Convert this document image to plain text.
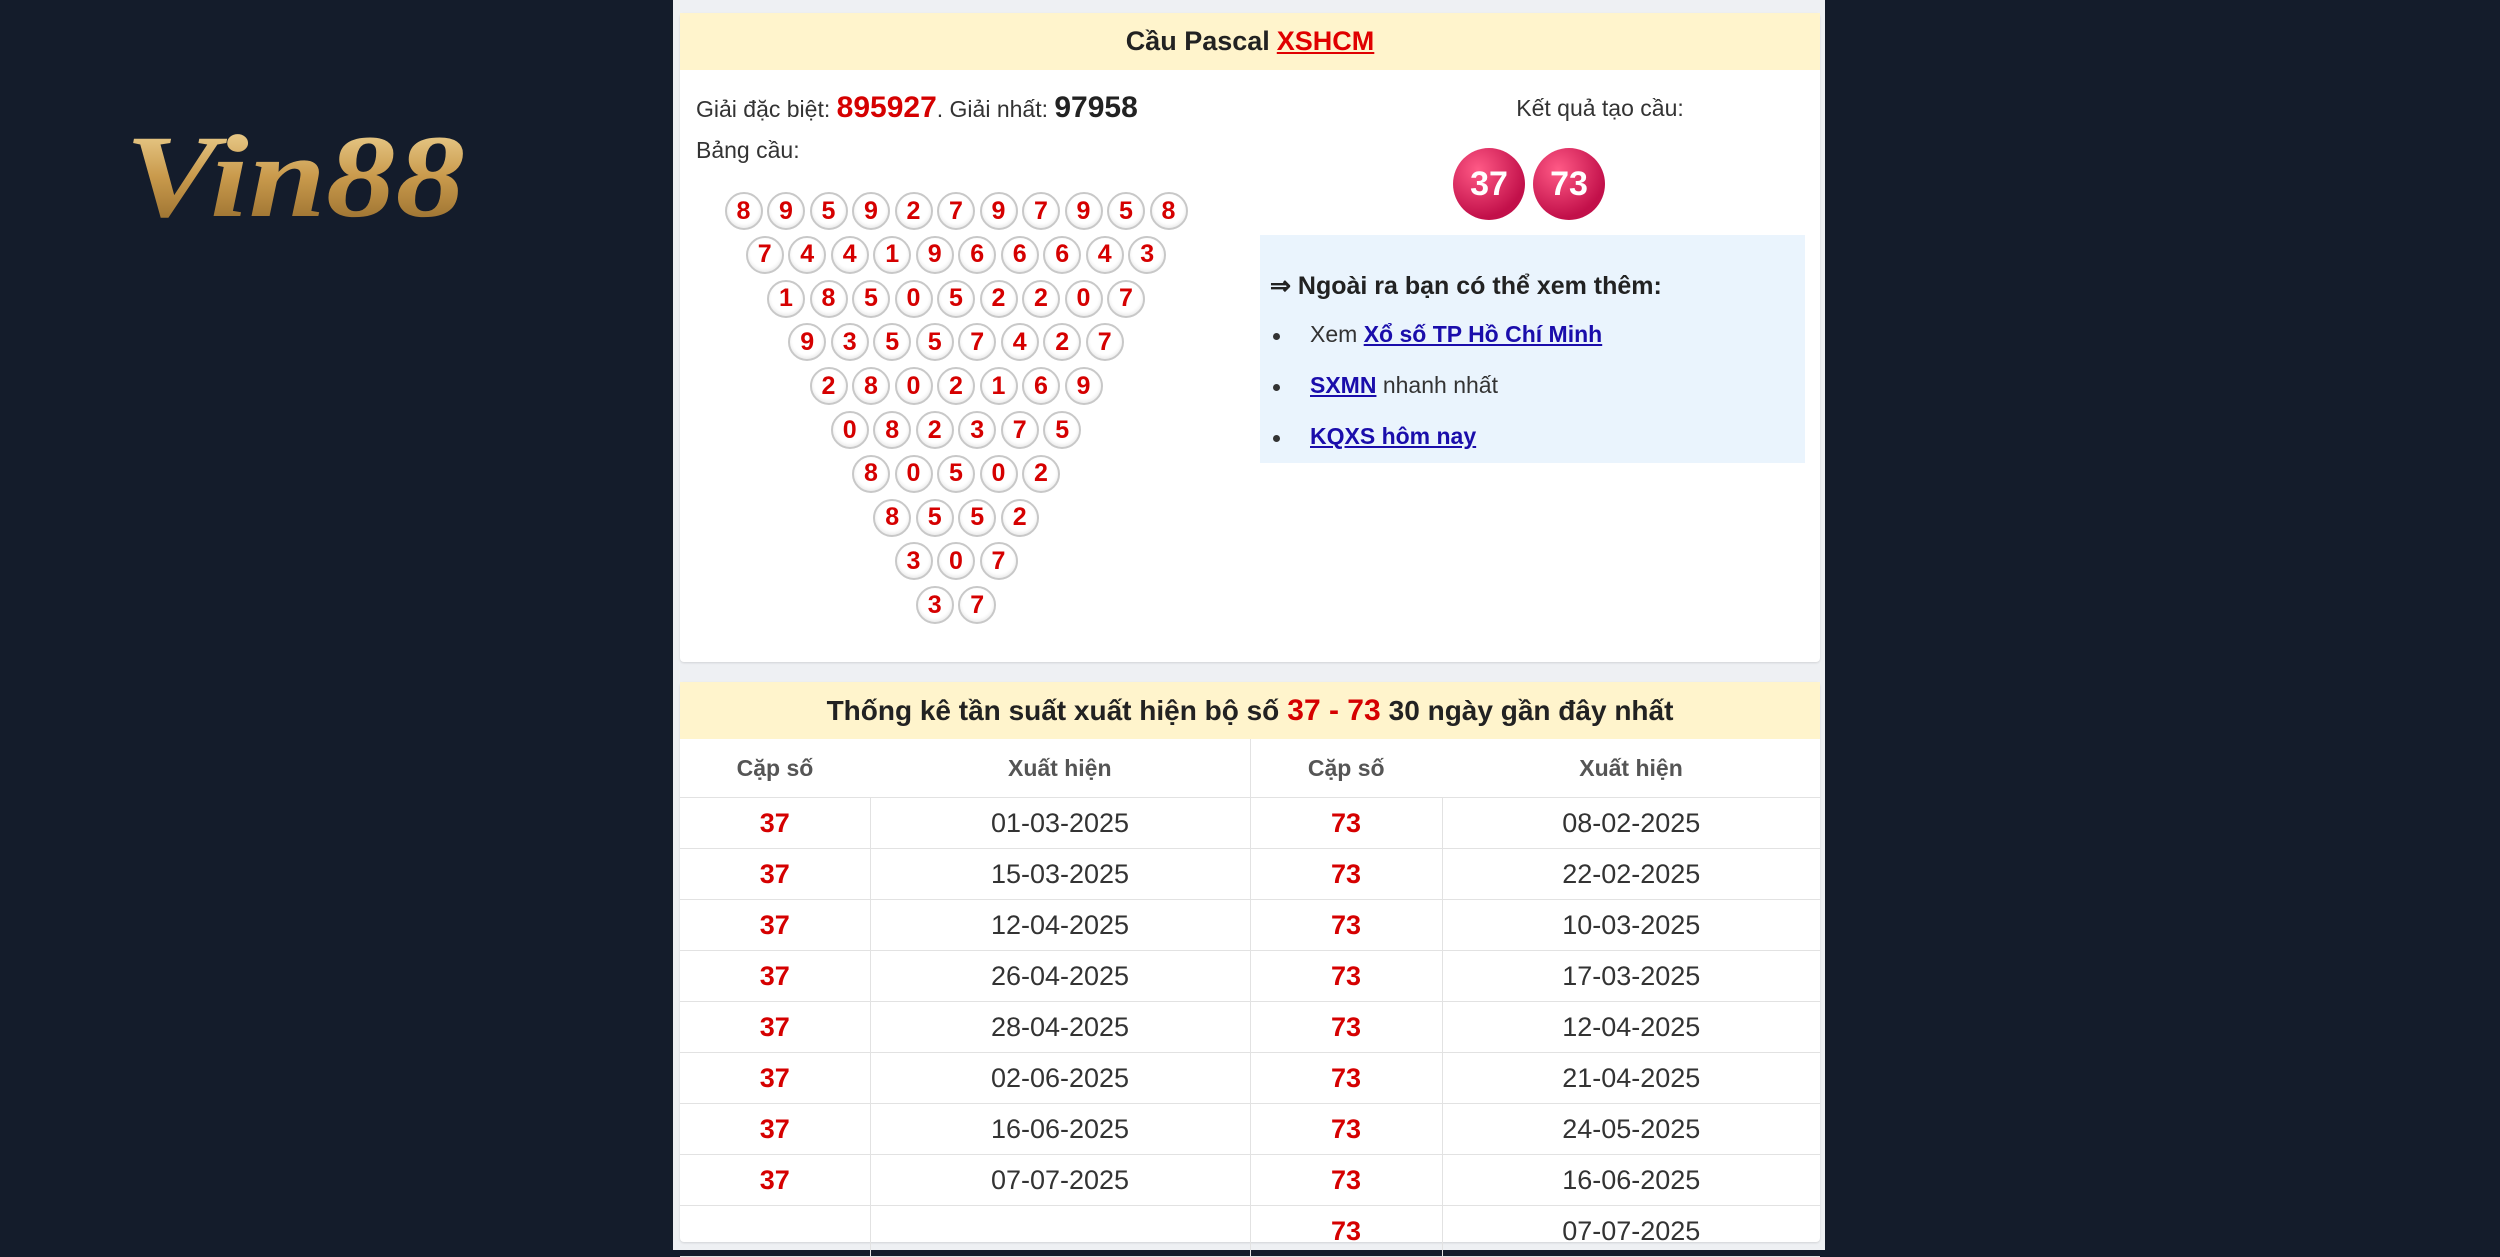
Vin88
Cầu Pascal XSHCM
Giải đặc biệt: 895927. Giải nhất: 97958
Bảng cầu:
8	9	5	9	2	7	9	7	9	5	8
7	4	4	1	9	6	6	6	4	3
1	8	5	0	5	2	2	0	7
9	3	5	5	7	4	2	7
2	8	0	2	1	6	9
0	8	2	3	7	5
8	0	5	0	2
8	5	5	2
3	0	7
3	7
Kết quả tạo cầu:
37	73
⇒ Ngoài ra bạn có thể xem thêm:
Xem Xổ số TP Hồ Chí Minh
SXMN nhanh nhất
KQXS hôm nay
Thống kê tần suất xuất hiện bộ số 37 - 73 30 ngày gần đây nhất
Cặp số	Xuất hiện	Cặp số	Xuất hiện
37	01-03-2025	73	08-02-2025
37	15-03-2025	73	22-02-2025
37	12-04-2025	73	10-03-2025
37	26-04-2025	73	17-03-2025
37	28-04-2025	73	12-04-2025
37	02-06-2025	73	21-04-2025
37	16-06-2025	73	24-05-2025
37	07-07-2025	73	16-06-2025
		73	07-07-2025
